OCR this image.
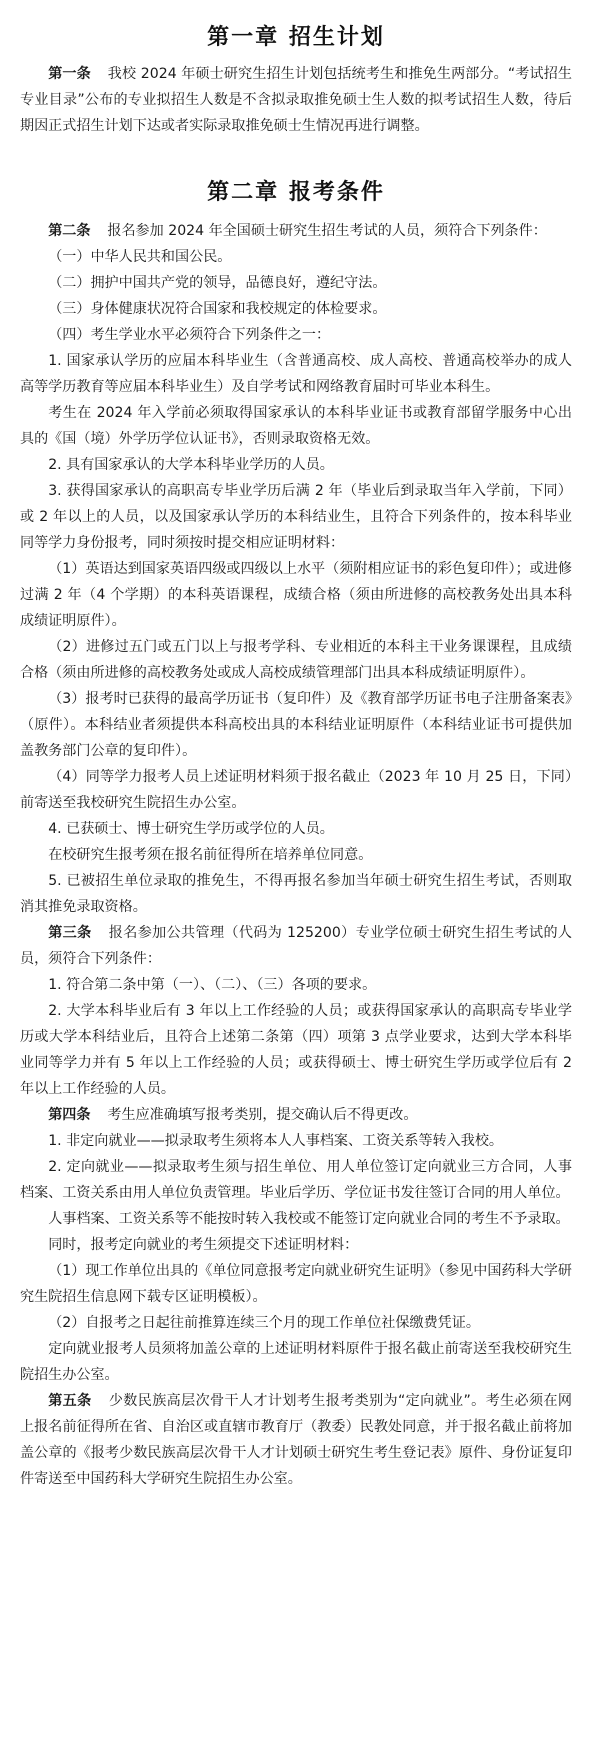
第一章 招生计划

第一条 我校 2024 年硕士研究生招生计划包括统考生和推免生两部分。“考试招生专业目录”公布的专业拟招生人数是不含拟录取推免硕士生人数的拟考试招生人数，待后期因正式招生计划下达或者实际录取推免硕士生情况再进行调整。

第二章 报考条件

第二条 报名参加 2024 年全国硕士研究生招生考试的人员，须符合下列条件：

（一）中华人民共和国公民。

（二）拥护中国共产党的领导，品德良好，遵纪守法。

（三）身体健康状况符合国家和我校规定的体检要求。

（四）考生学业水平必须符合下列条件之一：

1. 国家承认学历的应届本科毕业生（含普通高校、成人高校、普通高校举办的成人高等学历教育等应届本科毕业生）及自学考试和网络教育届时可毕业本科生。

考生在 2024 年入学前必须取得国家承认的本科毕业证书或教育部留学服务中心出具的《国（境）外学历学位认证书》，否则录取资格无效。

2. 具有国家承认的大学本科毕业学历的人员。

3. 获得国家承认的高职高专毕业学历后满 2 年（毕业后到录取当年入学前，下同）或 2 年以上的人员，以及国家承认学历的本科结业生，且符合下列条件的，按本科毕业同等学力身份报考，同时须按时提交相应证明材料：

（1）英语达到国家英语四级或四级以上水平（须附相应证书的彩色复印件）；或进修过满 2 年（4 个学期）的本科英语课程，成绩合格（须由所进修的高校教务处出具本科成绩证明原件）。

（2）进修过五门或五门以上与报考学科、专业相近的本科主干业务课课程，且成绩合格（须由所进修的高校教务处或成人高校成绩管理部门出具本科成绩证明原件）。

（3）报考时已获得的最高学历证书（复印件）及《教育部学历证书电子注册备案表》（原件）。本科结业者须提供本科高校出具的本科结业证明原件（本科结业证书可提供加盖教务部门公章的复印件）。

（4）同等学力报考人员上述证明材料须于报名截止（2023 年 10 月 25 日，下同）前寄送至我校研究生院招生办公室。

4. 已获硕士、博士研究生学历或学位的人员。

在校研究生报考须在报名前征得所在培养单位同意。

5. 已被招生单位录取的推免生，不得再报名参加当年硕士研究生招生考试，否则取消其推免录取资格。

第三条 报名参加公共管理（代码为 125200）专业学位硕士研究生招生考试的人员，须符合下列条件：

1. 符合第二条中第（一）、（二）、（三）各项的要求。

2. 大学本科毕业后有 3 年以上工作经验的人员；或获得国家承认的高职高专毕业学历或大学本科结业后，且符合上述第二条第（四）项第 3 点学业要求，达到大学本科毕业同等学力并有 5 年以上工作经验的人员；或获得硕士、博士研究生学历或学位后有 2 年以上工作经验的人员。

第四条 考生应准确填写报考类别，提交确认后不得更改。

1. 非定向就业——拟录取考生须将本人人事档案、工资关系等转入我校。

2. 定向就业——拟录取考生须与招生单位、用人单位签订定向就业三方合同，人事档案、工资关系由用人单位负责管理。毕业后学历、学位证书发往签订合同的用人单位。

人事档案、工资关系等不能按时转入我校或不能签订定向就业合同的考生不予录取。

同时，报考定向就业的考生须提交下述证明材料：

（1）现工作单位出具的《单位同意报考定向就业研究生证明》（参见中国药科大学研究生院招生信息网下载专区证明模板）。

（2）自报考之日起往前推算连续三个月的现工作单位社保缴费凭证。

定向就业报考人员须将加盖公章的上述证明材料原件于报名截止前寄送至我校研究生院招生办公室。

第五条 少数民族高层次骨干人才计划考生报考类别为“定向就业”。考生必须在网上报名前征得所在省、自治区或直辖市教育厅（教委）民教处同意，并于报名截止前将加盖公章的《报考少数民族高层次骨干人才计划硕士研究生考生登记表》原件、身份证复印件寄送至中国药科大学研究生院招生办公室。
